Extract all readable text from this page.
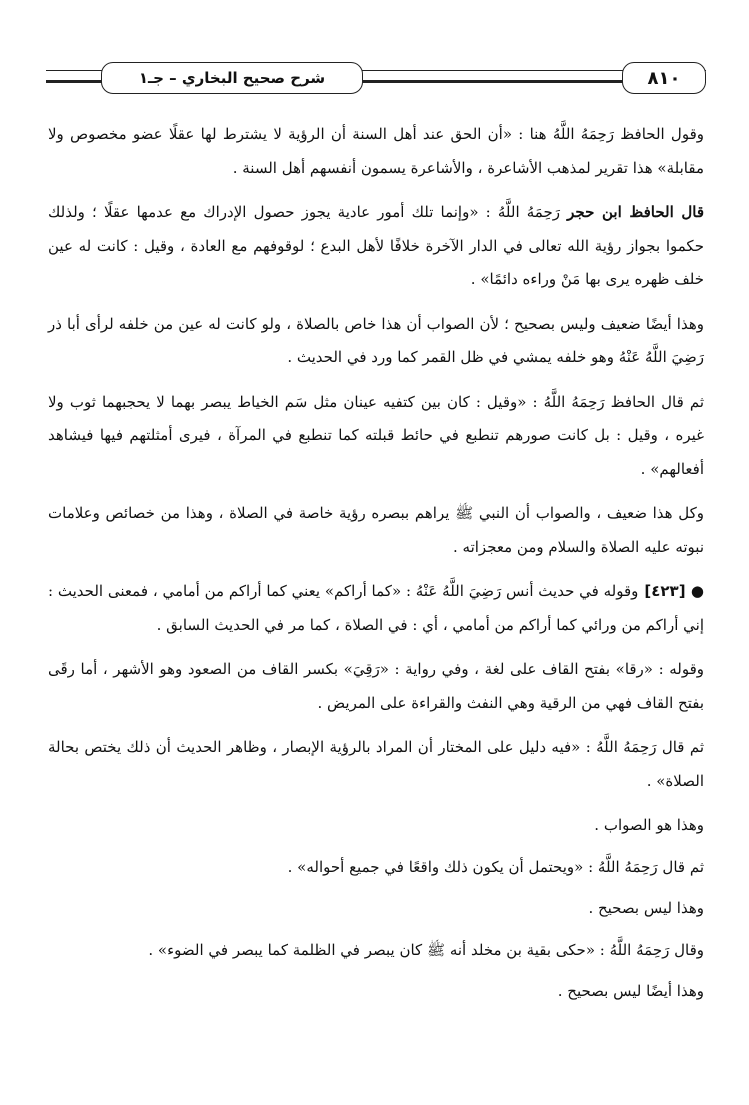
٨١٠
شرح صحيح البخاري – جـ١

وقول الحافظ رَحِمَهُ اللَّهُ هنا : «أن الحق عند أهل السنة أن الرؤية لا يشترط لها عقلًا عضو مخصوص ولا مقابلة» هذا تقرير لمذهب الأشاعرة ، والأشاعرة يسمون أنفسهم أهل السنة .

قال الحافظ ابن حجر رَحِمَهُ اللَّهُ : «وإنما تلك أمور عادية يجوز حصول الإدراك مع عدمها عقلًا ؛ ولذلك حكموا بجواز رؤية الله تعالى في الدار الآخرة خلافًا لأهل البدع ؛ لوقوفهم مع العادة ، وقيل : كانت له عين خلف ظهره يرى بها مَنْ وراءه دائمًا» .

وهذا أيضًا ضعيف وليس بصحيح ؛ لأن الصواب أن هذا خاص بالصلاة ، ولو كانت له عين من خلفه لرأى أبا ذر رَضِيَ اللَّهُ عَنْهُ وهو خلفه يمشي في ظل القمر كما ورد في الحديث .

ثم قال الحافظ رَحِمَهُ اللَّهُ : «وقيل : كان بين كتفيه عينان مثل سَم الخياط يبصر بهما لا يحجبهما ثوب ولا غيره ، وقيل : بل كانت صورهم تنطبع في حائط قبلته كما تنطبع في المرآة ، فيرى أمثلتهم فيها فيشاهد أفعالهم» .

وكل هذا ضعيف ، والصواب أن النبي ﷺ يراهم ببصره رؤية خاصة في الصلاة ، وهذا من خصائص وعلامات نبوته عليه الصلاة والسلام ومن معجزاته .

● [٤٢٣]وقوله في حديث أنس رَضِيَ اللَّهُ عَنْهُ : «كما أراكم» يعني كما أراكم من أمامي ، فمعنى الحديث : إني أراكم من ورائي كما أراكم من أمامي ، أي : في الصلاة ، كما مر في الحديث السابق .

وقوله : «رقا» بفتح القاف على لغة ، وفي رواية : «رَقِيَ» بكسر القاف من الصعود وهو الأشهر ، أما رقَى بفتح القاف فهي من الرقية وهي النفث والقراءة على المريض .

ثم قال رَحِمَهُ اللَّهُ : «فيه دليل على المختار أن المراد بالرؤية الإبصار ، وظاهر الحديث أن ذلك يختص بحالة الصلاة» .

وهذا هو الصواب .

ثم قال رَحِمَهُ اللَّهُ : «ويحتمل أن يكون ذلك واقعًا في جميع أحواله» .

وهذا ليس بصحيح .

وقال رَحِمَهُ اللَّهُ : «حكى بقية بن مخلد أنه ﷺ كان يبصر في الظلمة كما يبصر في الضوء» .

وهذا أيضًا ليس بصحيح .
